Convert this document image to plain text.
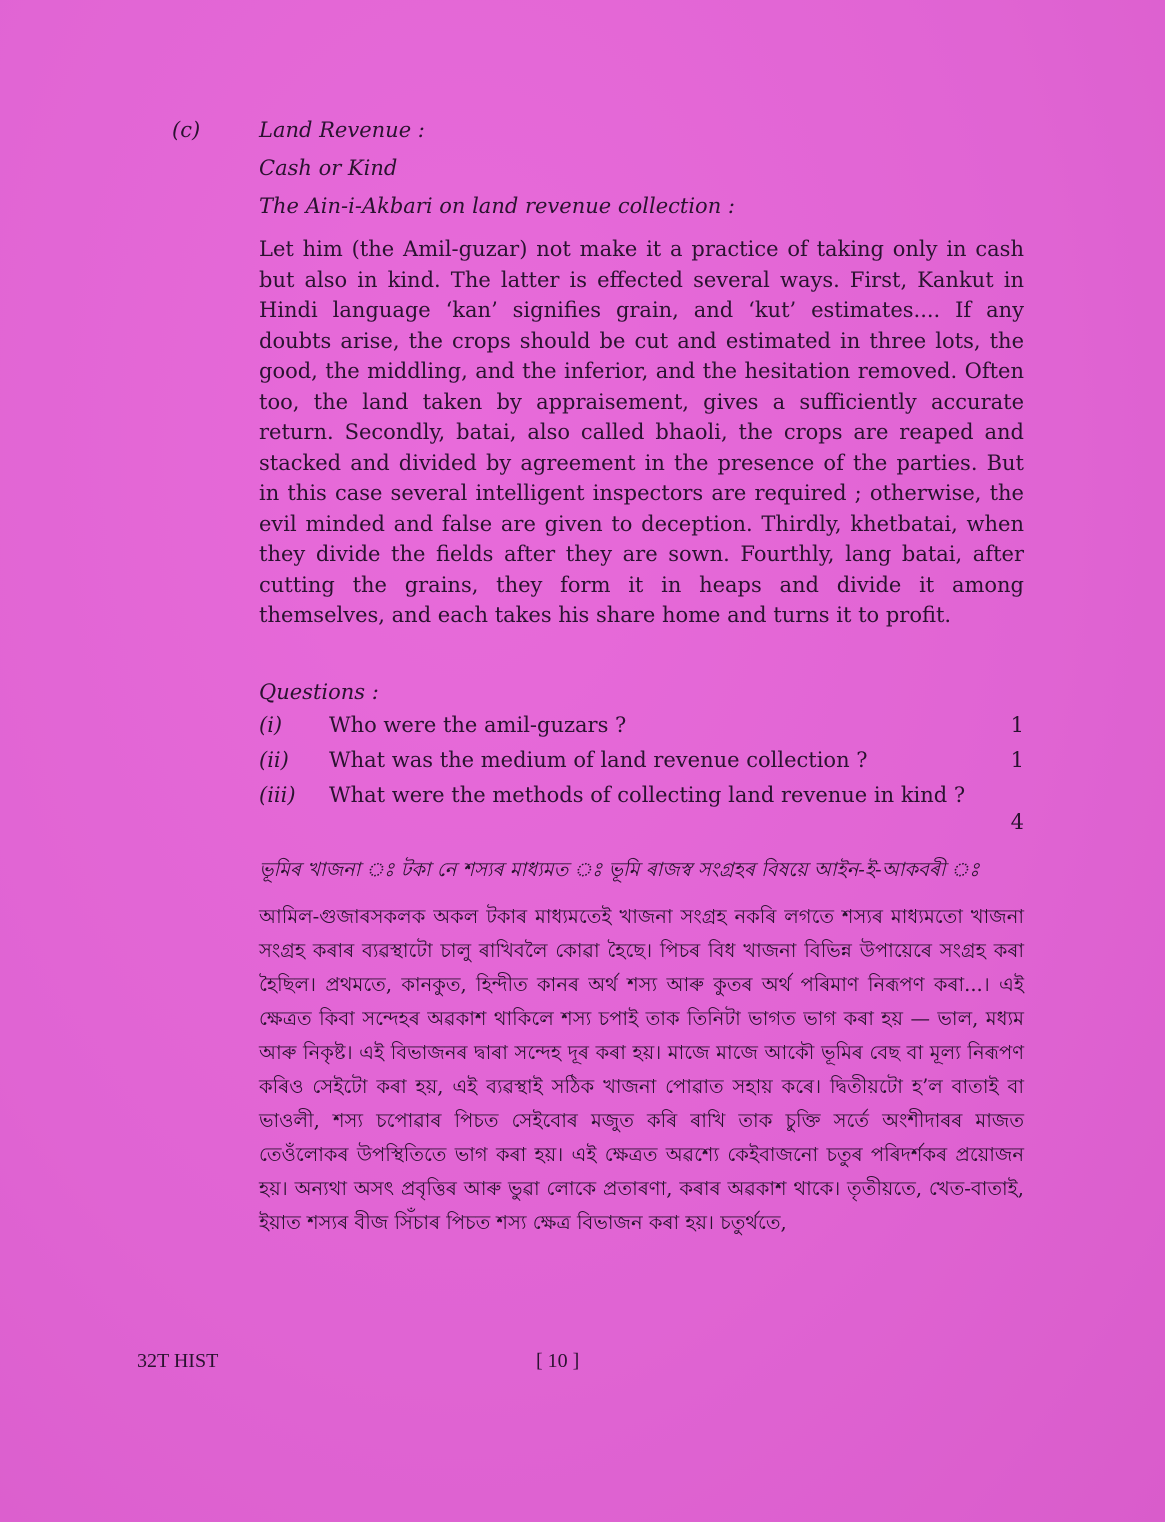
(c)	Land Revenue :
Cash or Kind
The Ain-i-Akbari on land revenue collection :
Let him (the Amil-guzar) not make it a practice of taking only in cash but also in kind. The latter is effected several ways. First, Kankut in Hindi language ‘kan’ signifies grain, and ‘kut’ estimates.... If any doubts arise, the crops should be cut and estimated in three lots, the good, the middling, and the inferior, and the hesitation removed. Often too, the land taken by appraisement, gives a sufficiently accurate return. Secondly, batai, also called bhaoli, the crops are reaped and stacked and divided by agreement in the presence of the parties. But in this case several intelligent inspectors are required ; otherwise, the evil minded and false are given to deception. Thirdly, khetbatai, when they divide the fields after they are sown. Fourthly, lang batai, after cutting the grains, they form it in heaps and divide it among themselves, and each takes his share home and turns it to profit.
Questions :
(i) Who were the amil-guzars ?	1
(ii) What was the medium of land revenue collection ?	1
(iii) What were the methods of collecting land revenue in kind ?
4
ভূমিৰ খাজনা ঃ টকা নে শস্যৰ মাধ্যমত ঃ ভূমি ৰাজস্ব সংগ্ৰহৰ বিষয়ে আইন-ই-আকবৰী ঃ
আমিল-গুজাৰসকলক অকল টকাৰ মাধ্যমতেই খাজনা সংগ্ৰহ নকৰি লগতে শস্যৰ মাধ্যমতো খাজনা সংগ্ৰহ কৰাৰ ব্যৱস্থাটো চালু ৰাখিবলৈ কোৱা হৈছে। পিচৰ বিধ খাজনা বিভিন্ন উপায়েৰে সংগ্ৰহ কৰা হৈছিল। প্ৰথমতে, কানকুত, হিন্দীত কানৰ অৰ্থ শস্য আৰু কুতৰ অৰ্থ পৰিমাণ নিৰূপণ কৰা...। এই ক্ষেত্ৰত কিবা সন্দেহৰ অৱকাশ থাকিলে শস্য চপাই তাক তিনিটা ভাগত ভাগ কৰা হয় — ভাল, মধ্যম আৰু নিকৃষ্ট। এই বিভাজনৰ দ্বাৰা সন্দেহ দূৰ কৰা হয়। মাজে মাজে আকৌ ভূমিৰ বেছ বা মূল্য নিৰূপণ কৰিও সেইটো কৰা হয়, এই ব্যৱস্থাই সঠিক খাজনা পোৱাত সহায় কৰে। দ্বিতীয়টো হ’ল বাতাই বা ভাওলী, শস্য চপোৱাৰ পিচত সেইবোৰ মজুত কৰি ৰাখি তাক চুক্তি সৰ্তে অংশীদাৰৰ মাজত তেওঁলোকৰ উপস্থিতিতে ভাগ কৰা হয়। এই ক্ষেত্ৰত অৱশ্যে কেইবাজনো চতুৰ পৰিদৰ্শকৰ প্ৰয়োজন হয়। অন্যথা অসৎ প্ৰবৃত্তিৰ আৰু ভুৱা লোকে প্ৰতাৰণা, কৰাৰ অৱকাশ থাকে। তৃতীয়তে, খেত-বাতাই, ইয়াত শস্যৰ বীজ সিঁচাৰ পিচত শস্য ক্ষেত্ৰ বিভাজন কৰা হয়। চতুৰ্থতে,
32T HIST	[ 10 ]
